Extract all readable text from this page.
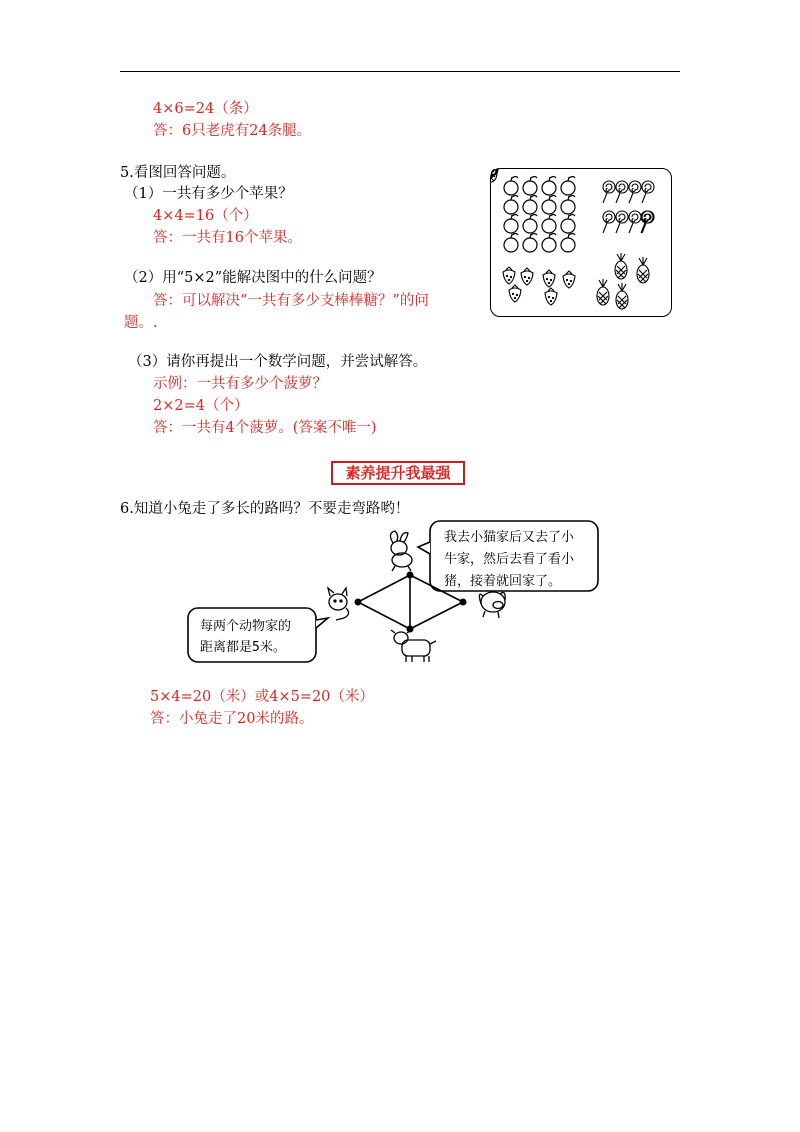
4×6=24（条）
答：6只老虎有24条腿。
5.看图回答问题。
（1）一共有多少个苹果？
4×4=16（个）
答：一共有16个苹果。
（2）用“5×2”能解决图中的什么问题？
答：可以解决“一共有多少支棒棒糖？”的问
题。.
（3）请你再提出一个数学问题，并尝试解答。
示例：一共有多少个菠萝？
2×2=4（个）
答：一共有4个菠萝。(答案不唯一)
素养提升我最强
6.知道小兔走了多长的路吗？不要走弯路哟！
每两个动物家的
距离都是5米。
我去小猫家后又去了小
牛家，然后去看了看小
猪，接着就回家了。
5×4=20（米）或4×5=20（米）
答：小兔走了20米的路。
